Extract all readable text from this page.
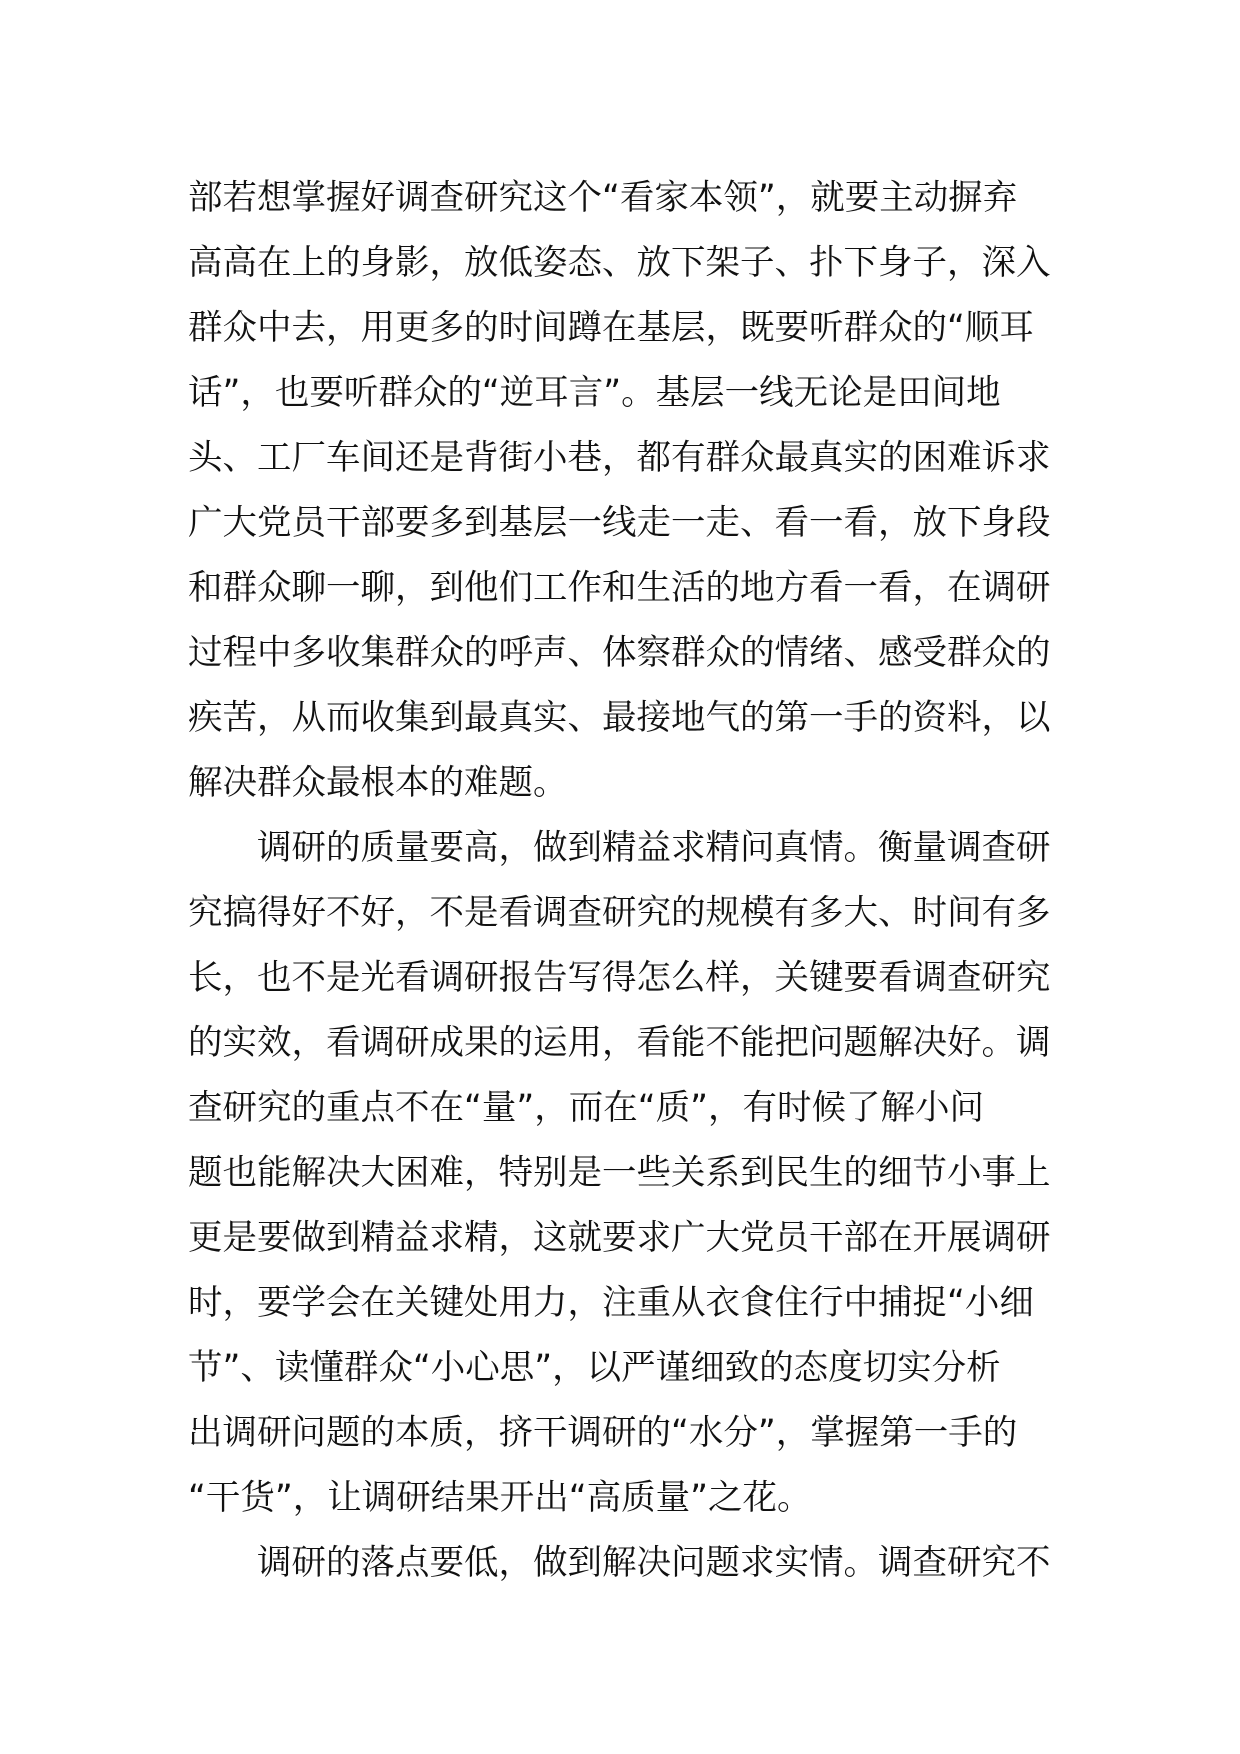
部若想掌握好调查研究这个“看家本领”，就要主动摒弃
高高在上的身影，放低姿态、放下架子、扑下身子，深入
群众中去，用更多的时间蹲在基层，既要听群众的“顺耳
话”，也要听群众的“逆耳言”。基层一线无论是田间地
头、工厂车间还是背街小巷，都有群众最真实的困难诉求
广大党员干部要多到基层一线走一走、看一看，放下身段
和群众聊一聊，到他们工作和生活的地方看一看，在调研
过程中多收集群众的呼声、体察群众的情绪、感受群众的
疾苦，从而收集到最真实、最接地气的第一手的资料，以
解决群众最根本的难题。
调研的质量要高，做到精益求精问真情。衡量调查研
究搞得好不好，不是看调查研究的规模有多大、时间有多
长，也不是光看调研报告写得怎么样，关键要看调查研究
的实效，看调研成果的运用，看能不能把问题解决好。调
查研究的重点不在“量”，而在“质”，有时候了解小问
题也能解决大困难，特别是一些关系到民生的细节小事上
更是要做到精益求精，这就要求广大党员干部在开展调研
时，要学会在关键处用力，注重从衣食住行中捕捉“小细
节”、读懂群众“小心思”，以严谨细致的态度切实分析
出调研问题的本质，挤干调研的“水分”，掌握第一手的
“干货”，让调研结果开出“高质量”之花。
调研的落点要低，做到解决问题求实情。调查研究不
